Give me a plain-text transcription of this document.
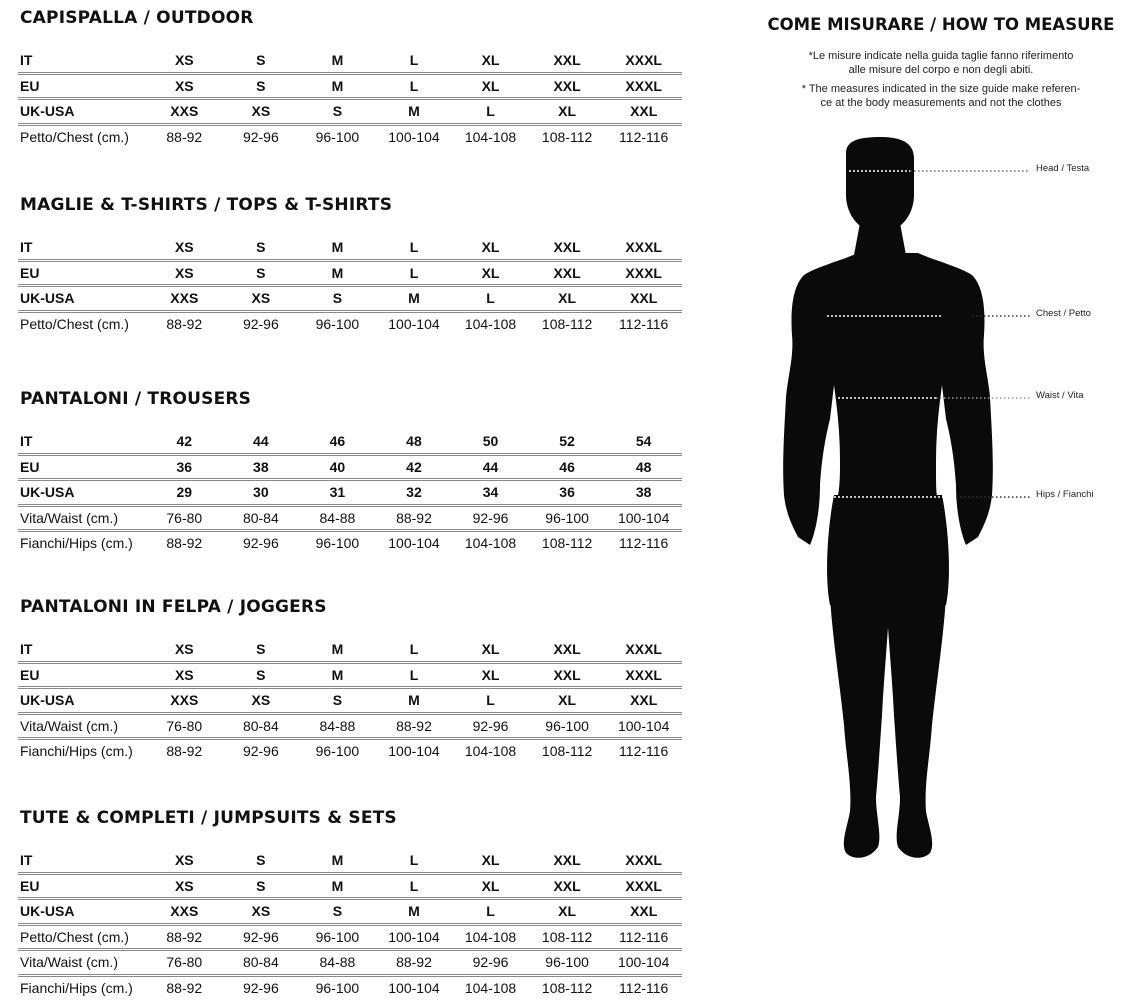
CAPISPALLA / OUTDOOR
IT	XS	S	M	L	XL	XXL	XXXL
EU	XS	S	M	L	XL	XXL	XXXL
UK-USA	XXS	XS	S	M	L	XL	XXL
Petto/Chest (cm.)	88-92	92-96	96-100	100-104	104-108	108-112	112-116
MAGLIE & T-SHIRTS / TOPS & T-SHIRTS
IT	XS	S	M	L	XL	XXL	XXXL
EU	XS	S	M	L	XL	XXL	XXXL
UK-USA	XXS	XS	S	M	L	XL	XXL
Petto/Chest (cm.)	88-92	92-96	96-100	100-104	104-108	108-112	112-116
PANTALONI / TROUSERS
IT	42	44	46	48	50	52	54
EU	36	38	40	42	44	46	48
UK-USA	29	30	31	32	34	36	38
Vita/Waist (cm.)	76-80	80-84	84-88	88-92	92-96	96-100	100-104
Fianchi/Hips (cm.)	88-92	92-96	96-100	100-104	104-108	108-112	112-116
PANTALONI IN FELPA / JOGGERS
IT	XS	S	M	L	XL	XXL	XXXL
EU	XS	S	M	L	XL	XXL	XXXL
UK-USA	XXS	XS	S	M	L	XL	XXL
Vita/Waist (cm.)	76-80	80-84	84-88	88-92	92-96	96-100	100-104
Fianchi/Hips (cm.)	88-92	92-96	96-100	100-104	104-108	108-112	112-116
TUTE & COMPLETI / JUMPSUITS & SETS
IT	XS	S	M	L	XL	XXL	XXXL
EU	XS	S	M	L	XL	XXL	XXXL
UK-USA	XXS	XS	S	M	L	XL	XXL
Petto/Chest (cm.)	88-92	92-96	96-100	100-104	104-108	108-112	112-116
Vita/Waist (cm.)	76-80	80-84	84-88	88-92	92-96	96-100	100-104
Fianchi/Hips (cm.)	88-92	92-96	96-100	100-104	104-108	108-112	112-116
COME MISURARE / HOW TO MEASURE

*Le misure indicate nella guida taglie fanno riferimento
alle misure del corpo e non degli abiti.

* The measures indicated in the size guide make referen-
ce at the body measurements and not the clothes

Head / Testa
Chest / Petto
Waist / Vita
Hips / Fianchi
